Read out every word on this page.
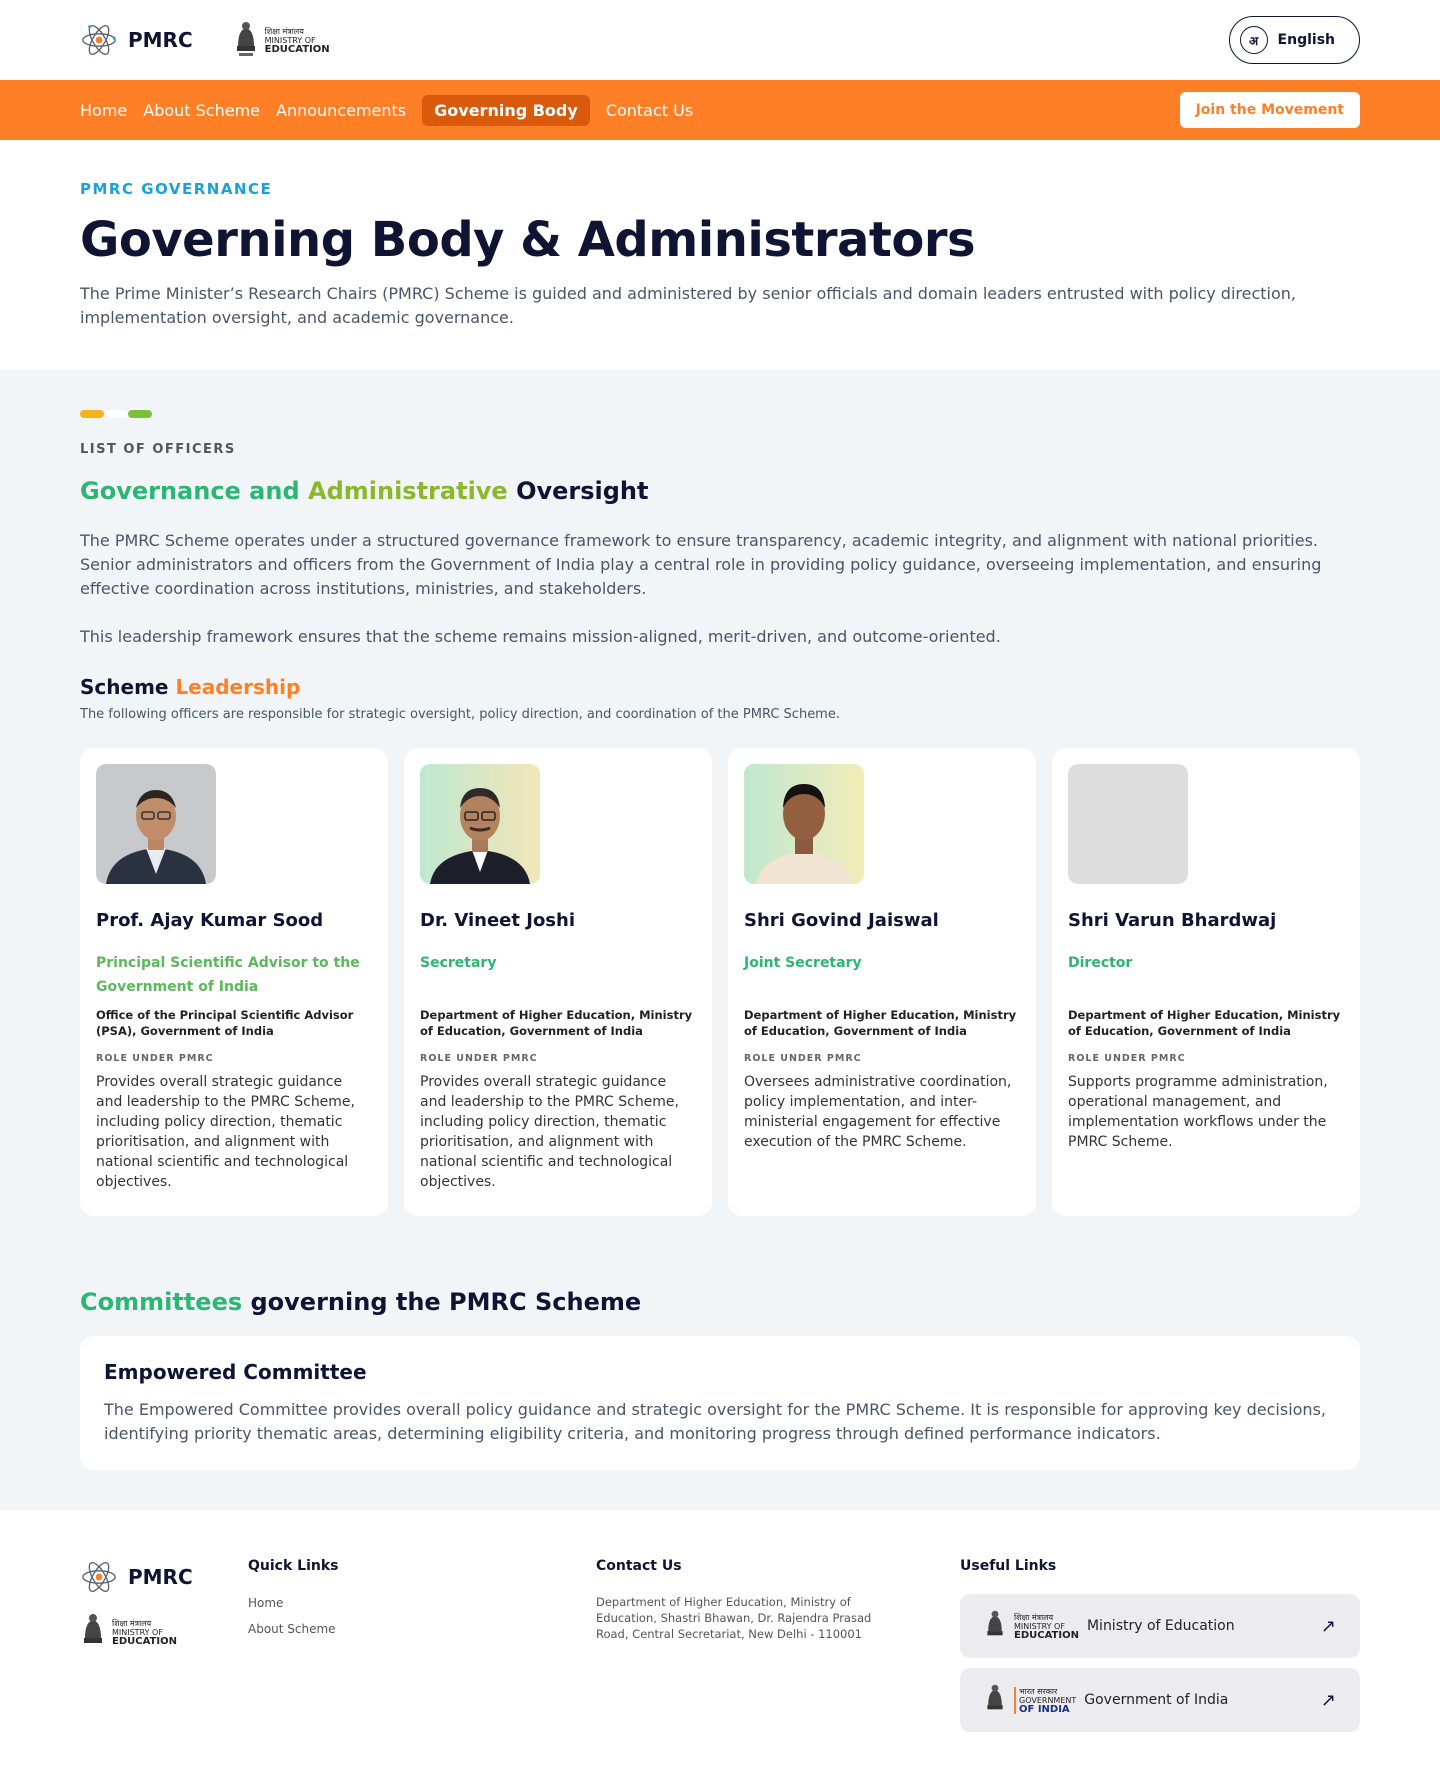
PMRC	शिक्षा मंत्रालय
MINISTRY OF
EDUCATION
अ	English
Home About Scheme Announcements	Governing Body	Contact Us	Join the Movement
PMRC GOVERNANCE
Governing Body & Administrators

The Prime Minister’s Research Chairs (PMRC) Scheme is guided and administered by senior officials and domain leaders entrusted with policy direction, implementation oversight, and academic governance.

LIST OF OFFICERS
Governance and Administrative Oversight

The PMRC Scheme operates under a structured governance framework to ensure transparency, academic integrity, and alignment with national priorities. Senior administrators and officers from the Government of India play a central role in providing policy guidance, overseeing implementation, and ensuring effective coordination across institutions, ministries, and stakeholders.

This leadership framework ensures that the scheme remains mission-aligned, merit-driven, and outcome-oriented.

Scheme Leadership
The following officers are responsible for strategic oversight, policy direction, and coordination of the PMRC Scheme.
Prof. Ajay Kumar Sood
Principal Scientific Advisor to the Government of India
Office of the Principal Scientific Advisor (PSA), Government of India
ROLE UNDER PMRC
Provides overall strategic guidance and leadership to the PMRC Scheme, including policy direction, thematic prioritisation, and alignment with national scientific and technological objectives.
Dr. Vineet Joshi
Secretary
Department of Higher Education, Ministry of Education, Government of India
ROLE UNDER PMRC
Provides overall strategic guidance and leadership to the PMRC Scheme, including policy direction, thematic prioritisation, and alignment with national scientific and technological objectives.
Shri Govind Jaiswal
Joint Secretary
Department of Higher Education, Ministry of Education, Government of India
ROLE UNDER PMRC
Oversees administrative coordination, policy implementation, and inter-ministerial engagement for effective execution of the PMRC Scheme.
Shri Varun Bhardwaj
Director
Department of Higher Education, Ministry of Education, Government of India
ROLE UNDER PMRC
Supports programme administration, operational management, and implementation workflows under the PMRC Scheme.
Committees governing the PMRC Scheme
Empowered Committee

The Empowered Committee provides overall policy guidance and strategic oversight for the PMRC Scheme. It is responsible for approving key decisions, identifying priority thematic areas, determining eligibility criteria, and monitoring progress through defined performance indicators.

PMRC
शिक्षा मंत्रालय
MINISTRY OF
EDUCATION
Quick Links
Home
About Scheme
Contact Us
Department of Higher Education, Ministry of Education, Shastri Bhawan, Dr. Rajendra Prasad Road, Central Secretariat, New Delhi - 110001
Useful Links
शिक्षा मंत्रालय
MINISTRY OF
EDUCATION
Ministry of Education	↗
भारत सरकार
GOVERNMENT
OF INDIA
Government of India	↗
